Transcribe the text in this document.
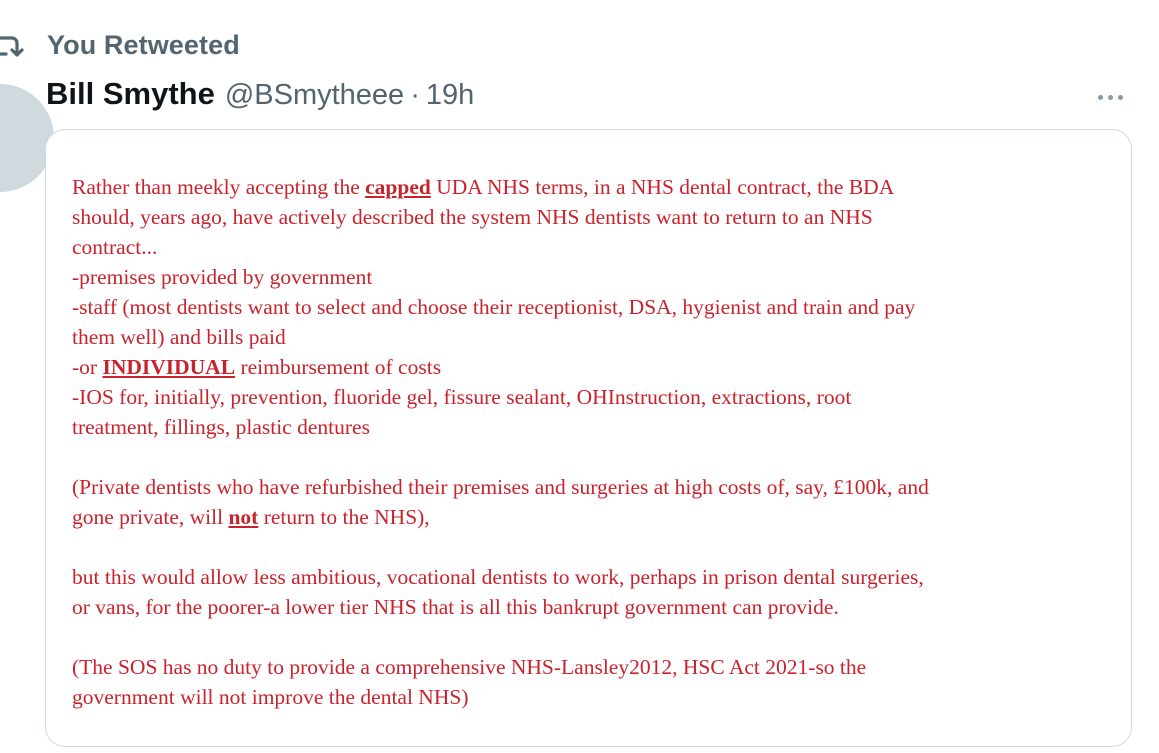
You Retweeted
Bill Smythe @BSmytheee · 19h

Rather than meekly accepting the capped UDA NHS terms, in a NHS dental contract, the BDA

should, years ago, have actively described the system NHS dentists want to return to an NHS

contract...

-premises provided by government

-staff (most dentists want to select and choose their receptionist, DSA, hygienist and train and pay

them well) and bills paid

-or INDIVIDUAL reimbursement of costs

-IOS for, initially, prevention, fluoride gel, fissure sealant, OHInstruction, extractions, root

treatment, fillings, plastic dentures

(Private dentists who have refurbished their premises and surgeries at high costs of, say, £100k, and

gone private, will not return to the NHS),

but this would allow less ambitious, vocational dentists to work, perhaps in prison dental surgeries,

or vans, for the poorer-a lower tier NHS that is all this bankrupt government can provide.

(The SOS has no duty to provide a comprehensive NHS-Lansley2012, HSC Act 2021-so the

government will not improve the dental NHS)
